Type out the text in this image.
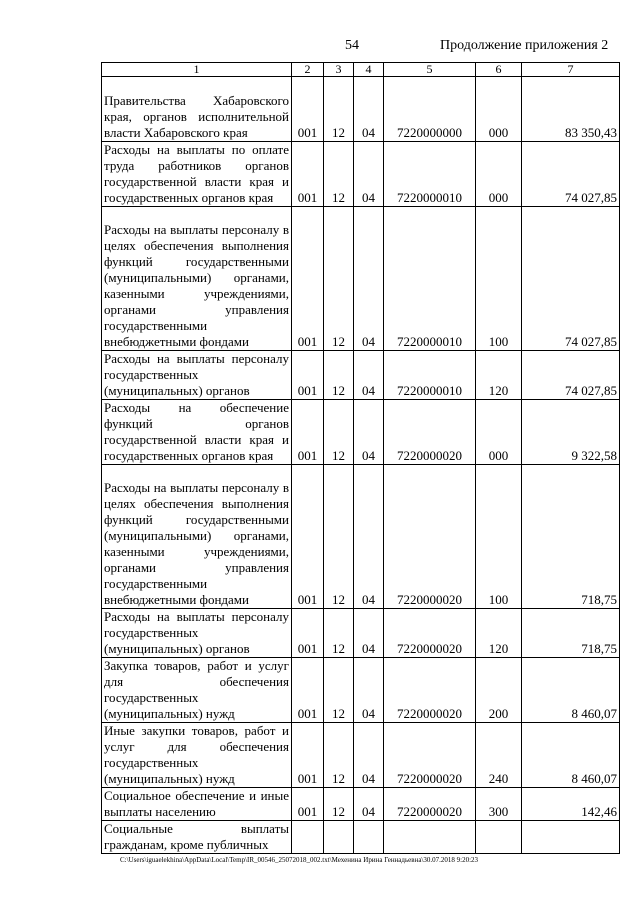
54	Продолжение приложения 2
1	2	3	4	5	6	7
Правительства Хабаровского края, органов исполнительной власти Хабаровского края	001	12	04	7220000000	000	83 350,43
Расходы на выплаты по оплате труда работников органов государственной власти края и государственных органов края	001	12	04	7220000010	000	74 027,85
Расходы на выплаты персоналу в целях обеспечения выполнения функций государственными (муниципальными) органами, казенными учреждениями, органами управления государственными внебюджетными фондами	001	12	04	7220000010	100	74 027,85
Расходы на выплаты персоналу государственных (муниципальных) органов	001	12	04	7220000010	120	74 027,85
Расходы на обеспечение функций органов государственной власти края и государственных органов края	001	12	04	7220000020	000	9 322,58
Расходы на выплаты персоналу в целях обеспечения выполнения функций государственными (муниципальными) органами, казенными учреждениями, органами управления государственными внебюджетными фондами	001	12	04	7220000020	100	718,75
Расходы на выплаты персоналу государственных (муниципальных) органов	001	12	04	7220000020	120	718,75
Закупка товаров, работ и услуг для обеспечения государственных (муниципальных) нужд	001	12	04	7220000020	200	8 460,07
Иные закупки товаров, работ и услуг для обеспечения государственных (муниципальных) нужд	001	12	04	7220000020	240	8 460,07
Социальное обеспечение и иные выплаты населению	001	12	04	7220000020	300	142,46
Социальные выплаты гражданам, кроме публичных						
C:\Users\iguaelekhina\AppData\Local\Temp\IR_00546_25072018_002.txt\Мехенина Ирина Геннадьевна\30.07.2018 9:20:23
